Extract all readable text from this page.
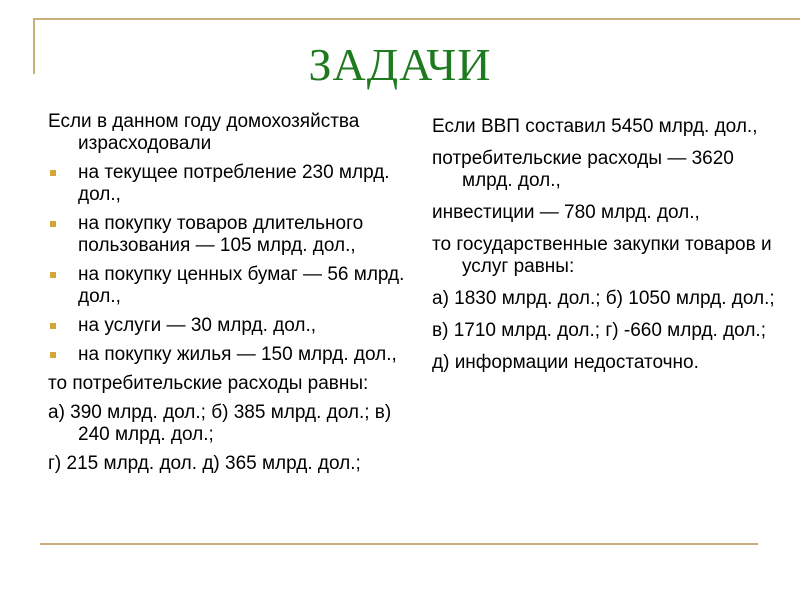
ЗАДАЧИ
Если в данном году домохозяйства израсходовали
на текущее потребление 230 млрд. дол.,
на покупку товаров длительного пользования — 105 млрд. дол.,
на покупку ценных бумаг — 56 млрд. дол.,
на услуги — 30 млрд. дол.,
на покупку жилья — 150 млрд. дол.,
то потребительские расходы равны:
а) 390 млрд. дол.; б) 385 млрд. дол.; в) 240 млрд. дол.;
г) 215 млрд. дол. д) 365 млрд. дол.;
Если ВВП составил 5450 млрд. дол.,
потребительские расходы — 3620 млрд. дол.,
инвестиции — 780 млрд. дол.,
то государственные закупки товаров и услуг равны:
а) 1830 млрд. дол.; б) 1050 млрд. дол.;
в) 1710 млрд. дол.; г) -660 млрд. дол.;
д) информации недостаточно.
